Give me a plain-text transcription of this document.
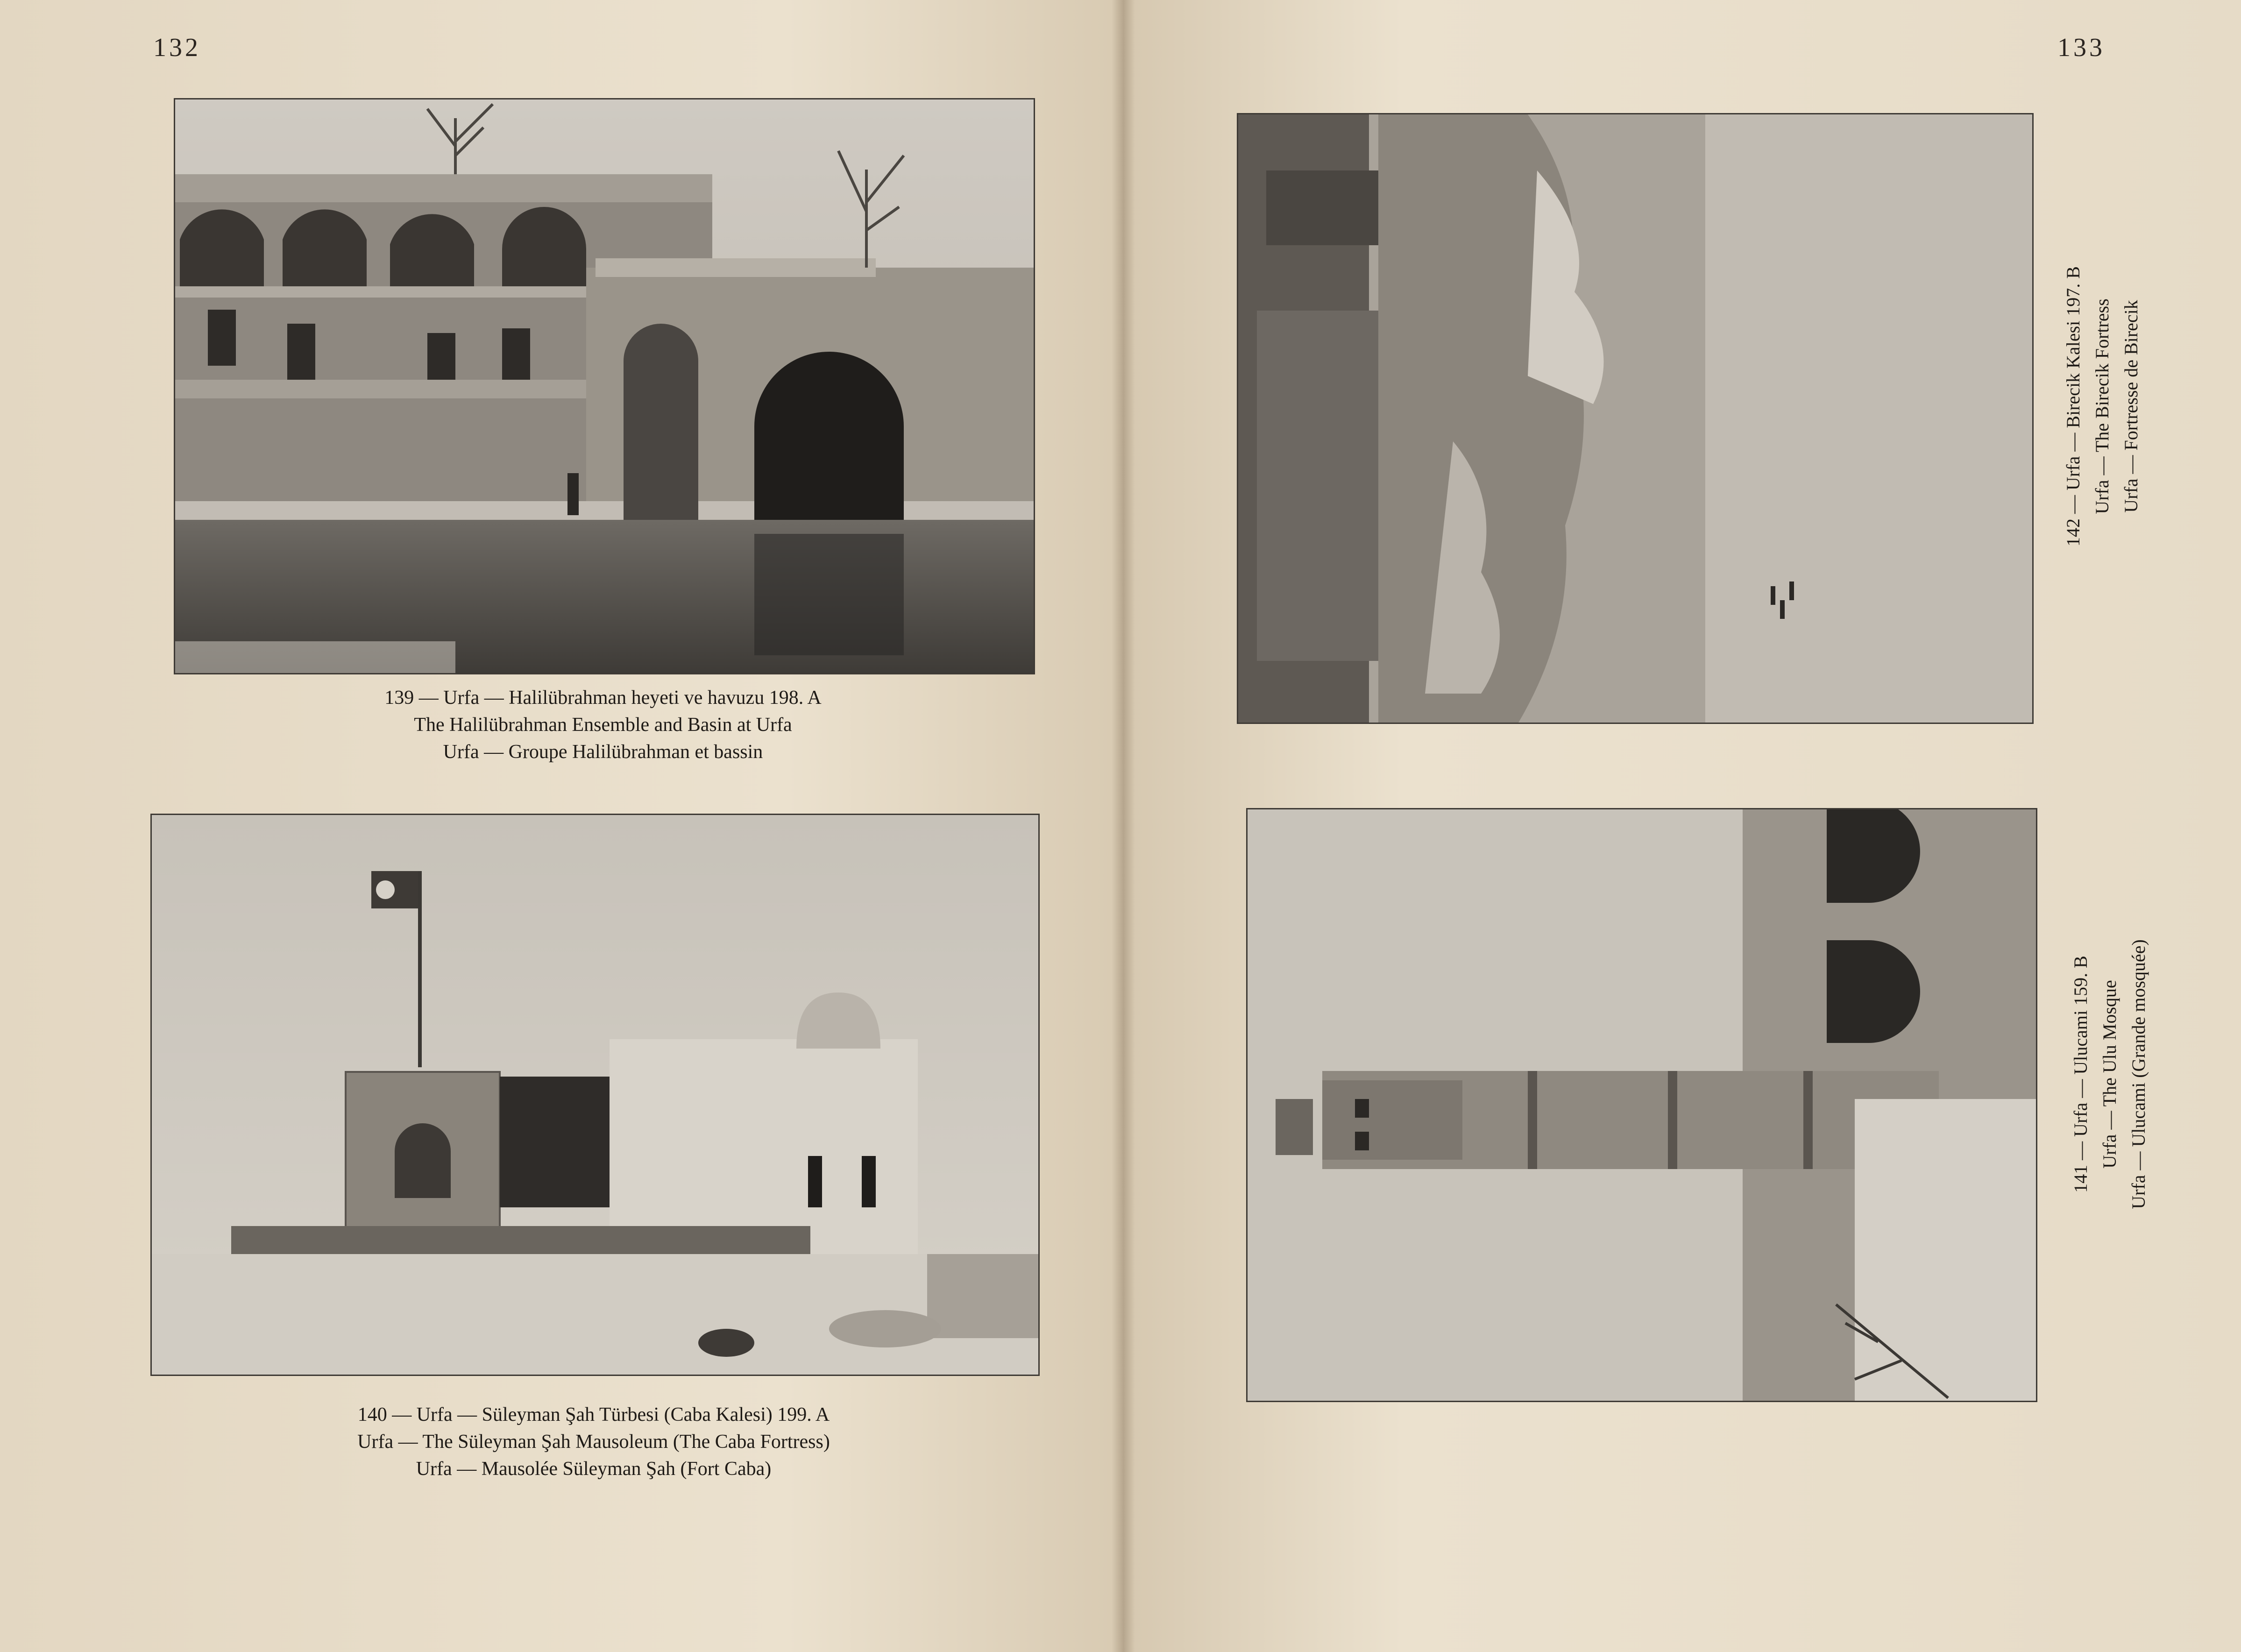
132	133
139 — Urfa — Halilübrahman heyeti ve havuzu 198. A
The Halilübrahman Ensemble and Basin at Urfa
Urfa — Groupe Halilübrahman et bassin
140 — Urfa — Süleyman Şah Türbesi (Caba Kalesi) 199. A
Urfa — The Süleyman Şah Mausoleum (The Caba Fortress)
Urfa — Mausolée Süleyman Şah (Fort Caba)
142 — Urfa — Birecik Kalesi 197. B Urfa — The Birecik Fortress Urfa — Fortresse de Birecik
141 — Urfa — Ulucami 159. B Urfa — The Ulu Mosque Urfa — Ulucami (Grande mosquée)
